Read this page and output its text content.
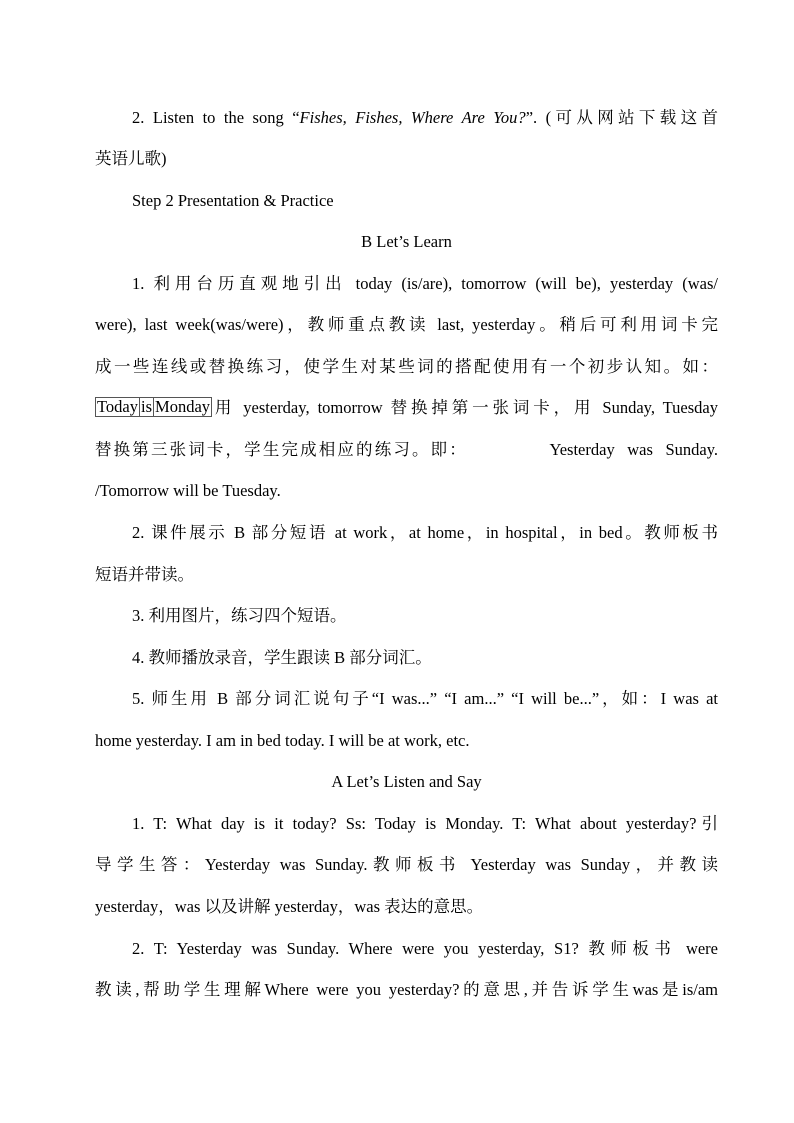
2. Listen to the song “Fishes, Fishes, Where Are You?”. (可从网站下载这首
英语儿歌)
Step 2 Presentation & Practice
B Let’s Learn
1. 利用台历直观地引出 today (is/are), tomorrow (will be), yesterday (was/
were), last week(was/were)，教师重点教读 last, yesterday。稍后可利用词卡完
成一些连线或替换练习，使学生对某些词的搭配使用有一个初步认知。如：
Today is Monday用 yesterday, tomorrow 替换掉第一张词卡，用 Sunday, Tuesday
替换第三张词卡，学生完成相应的练习。即：             Yesterday  was  Sunday.
/Tomorrow will be Tuesday.
2. 课件展示 B 部分短语 at work，at home，in hospital，in bed。教师板书
短语并带读。
3. 利用图片，练习四个短语。
4. 教师播放录音，学生跟读 B 部分词汇。
5. 师生用 B 部分词汇说句子“I was...” “I am...” “I will be...”，如：I was at
home yesterday. I am in bed today. I will be at work, etc.
A Let’s Listen and Say
1. T: What day is it today? Ss: Today is Monday. T: What about yesterday?引
导学生答：Yesterday was Sunday.教师板书 Yesterday was Sunday，并教读
yesterday，was 以及讲解 yesterday，was 表达的意思。
2. T: Yesterday was Sunday. Where were you yesterday, S1? 教师板书 were
教读,帮助学生理解Where were you yesterday?的意思,并告诉学生was是is/am
